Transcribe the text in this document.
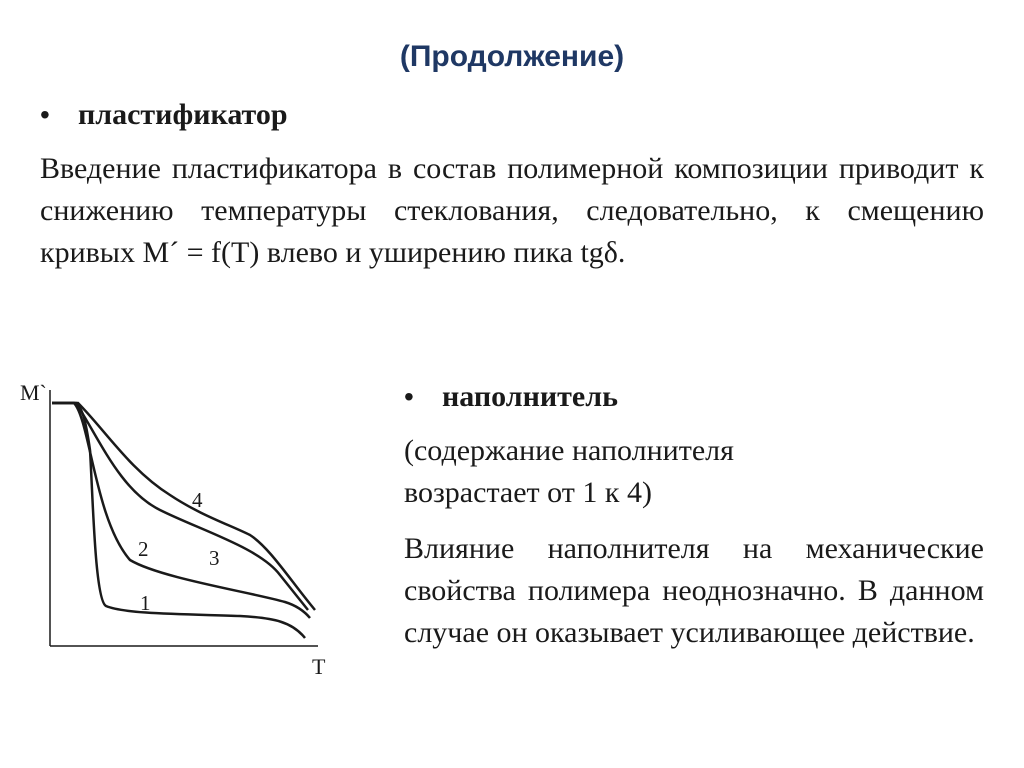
(Продолжение)
• пластификатор
Введение пластификатора в состав полимерной композиции приводит к снижению температуры стеклования, следовательно, к смещению кривых M´ = f(T) влево и уширению пика tgδ.
M`
T
1
2	3
4
• наполнитель
(содержание наполнителя возрастает от 1 к 4)
Влияние наполнителя на механические свойства полимера неоднозначно. В данном случае он оказывает усиливающее действие.
